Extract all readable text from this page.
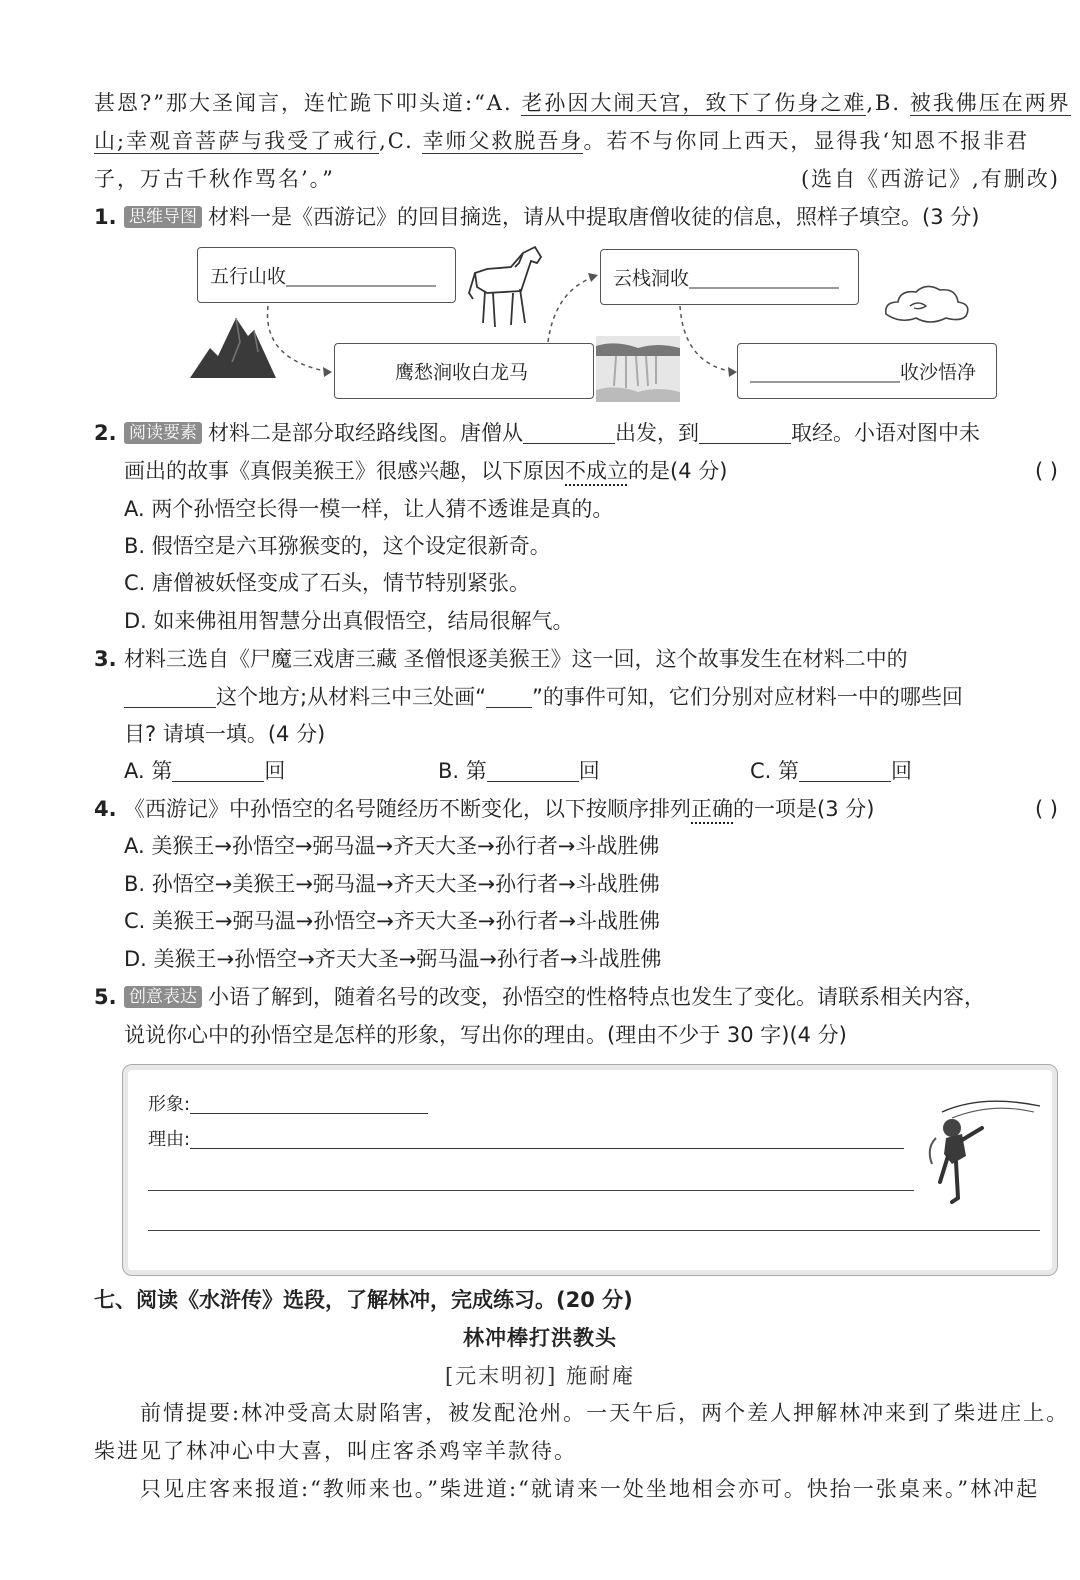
甚恩?”那大圣闻言，连忙跪下叩头道:“A. 老孙因大闹天宫，致下了伤身之难,B. 被我佛压在两界
山;幸观音菩萨与我受了戒行,C. 幸师父救脱吾身。若不与你同上西天，显得我‘知恩不报非君
子，万古千秋作骂名’。”	(选自《西游记》,有删改)
1. 思维导图 材料一是《西游记》的回目摘选，请从中提取唐僧收徒的信息，照样子填空。(3 分)
五行山收	云栈洞收
鹰愁涧收白龙马	收沙悟净
2. 阅读要素 材料二是部分取经路线图。唐僧从	出发，到	取经。小语对图中未
画出的故事《真假美猴王》很感兴趣，以下原因不成立的是(4 分)	( )
A. 两个孙悟空长得一模一样，让人猜不透谁是真的。
B. 假悟空是六耳猕猴变的，这个设定很新奇。
C. 唐僧被妖怪变成了石头，情节特别紧张。
D. 如来佛祖用智慧分出真假悟空，结局很解气。
3. 材料三选自《尸魔三戏唐三藏 圣僧恨逐美猴王》这一回，这个故事发生在材料二中的
这个地方;从材料三中三处画“ ”的事件可知，它们分别对应材料一中的哪些回
目? 请填一填。(4 分)
A. 第	回	B. 第	回	C. 第	回
4. 《西游记》中孙悟空的名号随经历不断变化，以下按顺序排列正确的一项是(3 分)	( )
A. 美猴王→孙悟空→弼马温→齐天大圣→孙行者→斗战胜佛
B. 孙悟空→美猴王→弼马温→齐天大圣→孙行者→斗战胜佛
C. 美猴王→弼马温→孙悟空→齐天大圣→孙行者→斗战胜佛
D. 美猴王→孙悟空→齐天大圣→弼马温→孙行者→斗战胜佛
5. 创意表达 小语了解到，随着名号的改变，孙悟空的性格特点也发生了变化。请联系相关内容，
说说你心中的孙悟空是怎样的形象，写出你的理由。(理由不少于 30 字)(4 分)
形象:
理由:
七、阅读《水浒传》选段，了解林冲，完成练习。(20 分)
林冲棒打洪教头
[元末明初] 施耐庵
前情提要:林冲受高太尉陷害，被发配沧州。一天午后，两个差人押解林冲来到了柴进庄上。
柴进见了林冲心中大喜，叫庄客杀鸡宰羊款待。
只见庄客来报道:“教师来也。”柴进道:“就请来一处坐地相会亦可。快抬一张桌来。”林冲起
